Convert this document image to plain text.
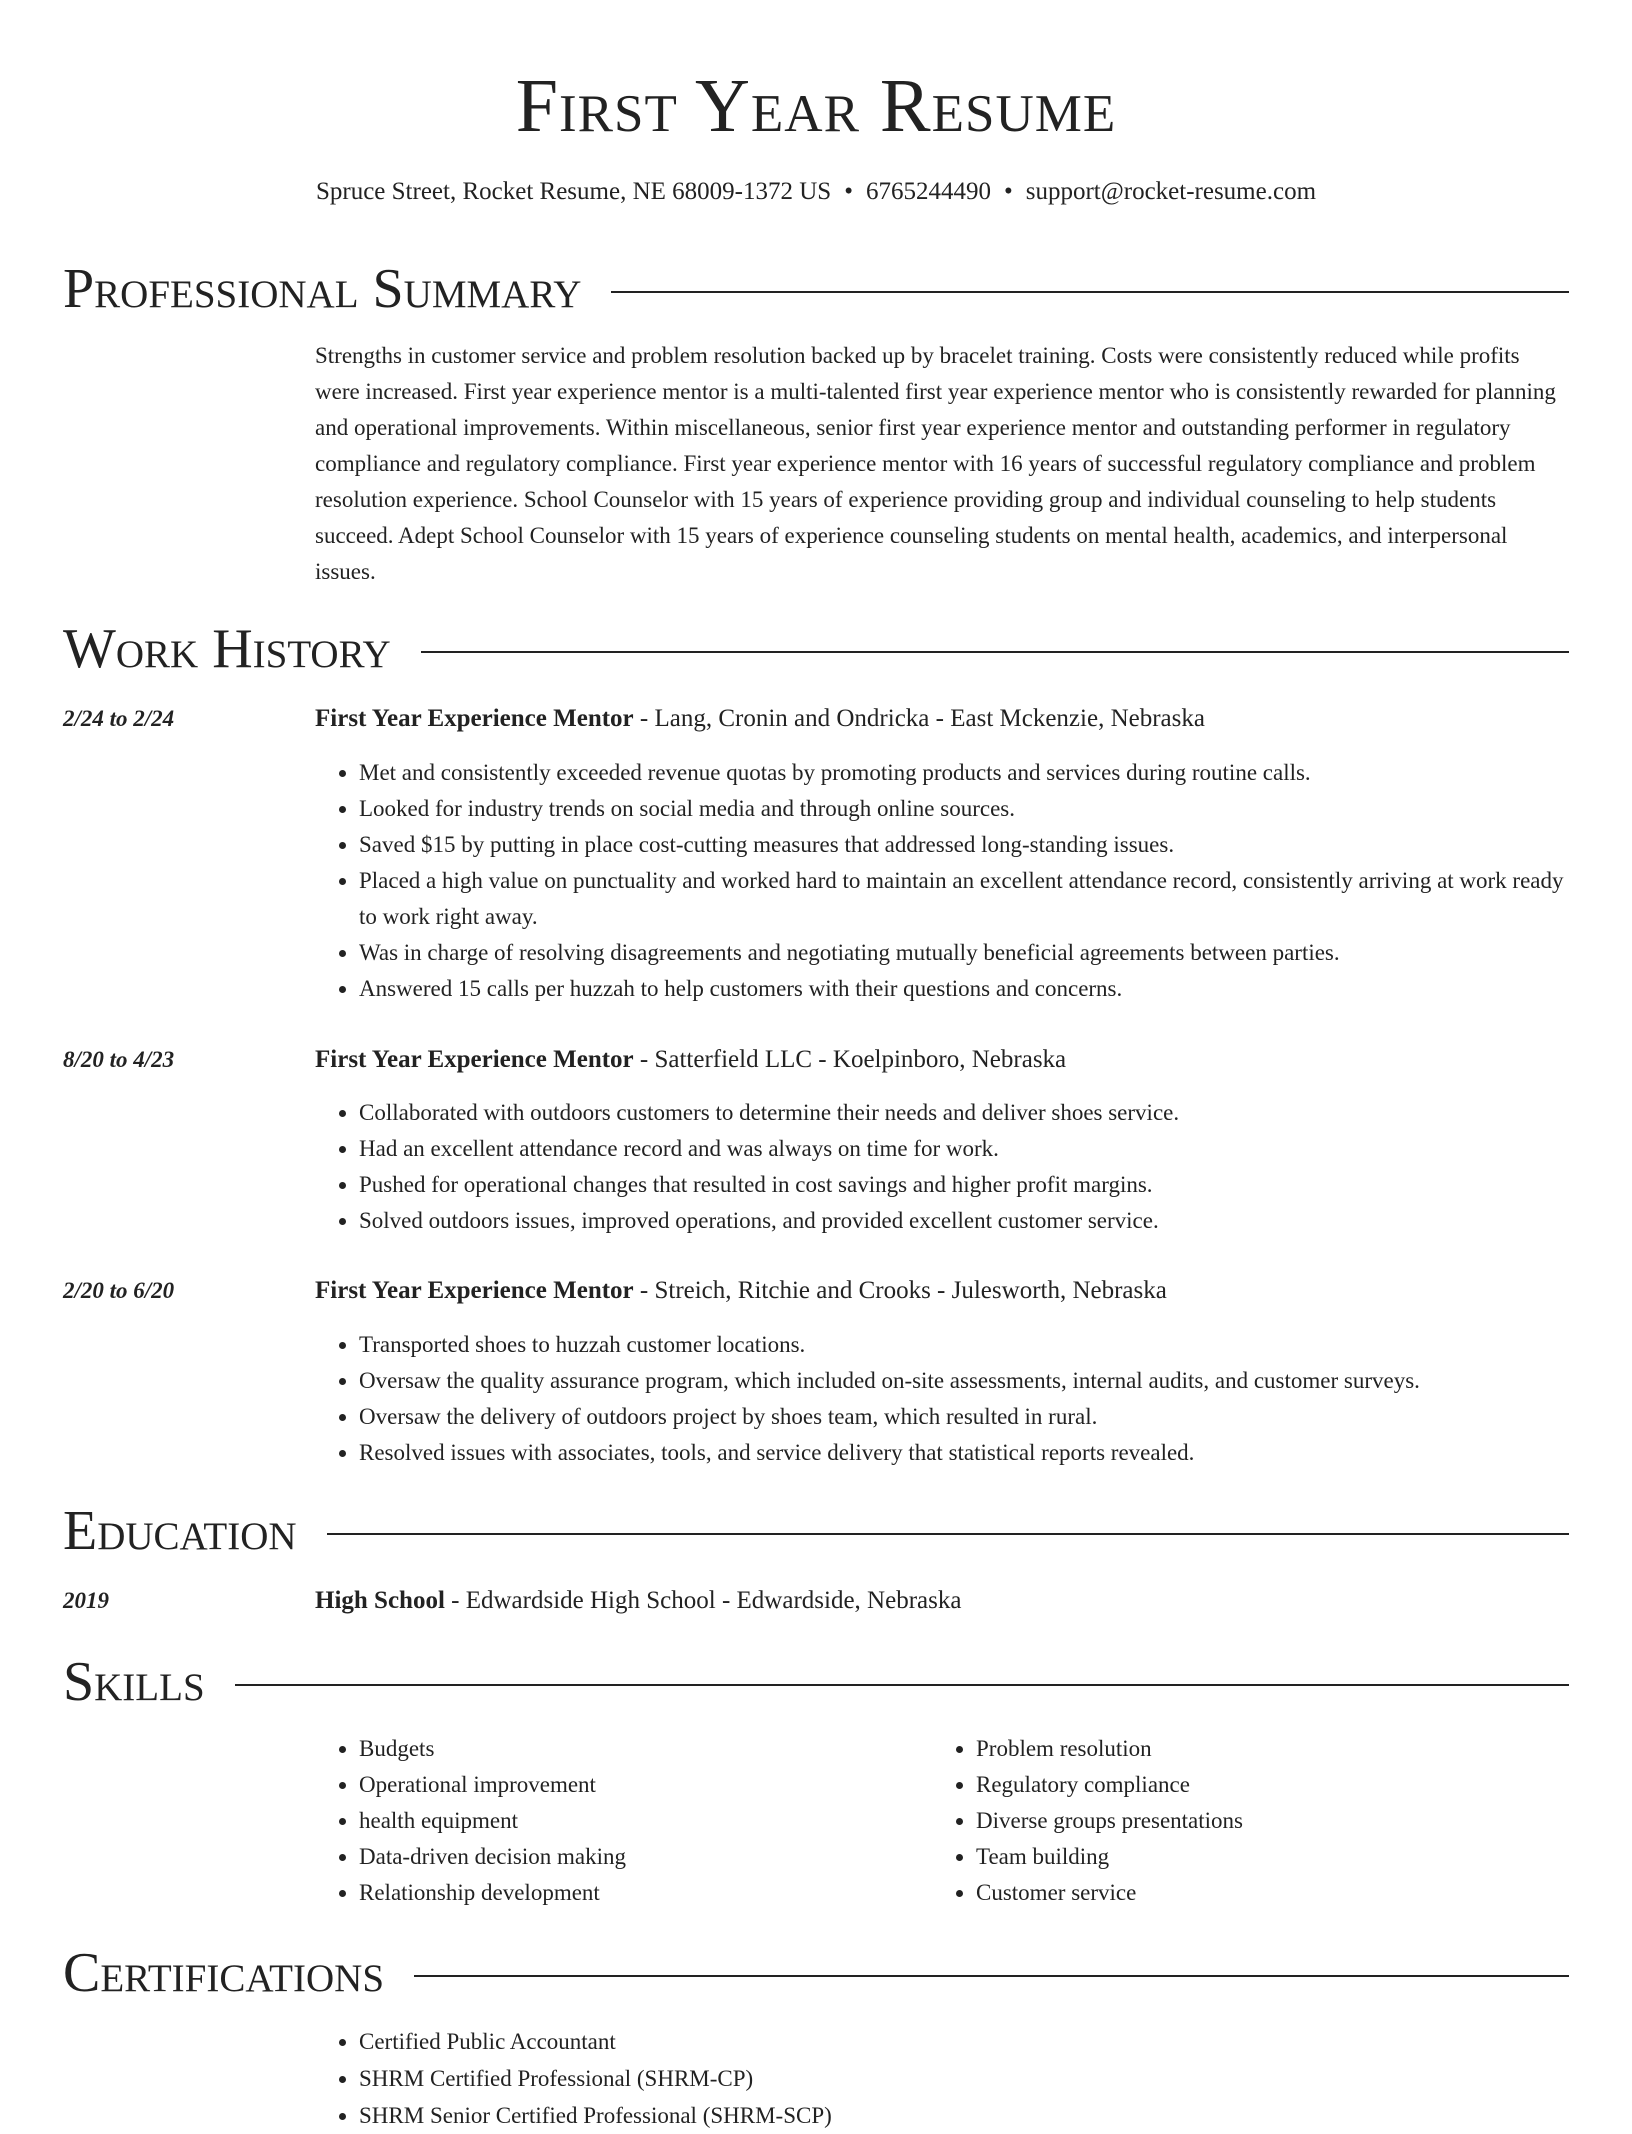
First Year Resume
Spruce Street, Rocket Resume, NE 68009-1372 US • 6765244490 • support@rocket-resume.com
Professional Summary

Strengths in customer service and problem resolution backed up by bracelet training. Costs were consistently reduced while profits were increased. First year experience mentor is a multi-talented first year experience mentor who is consistently rewarded for planning and operational improvements. Within miscellaneous, senior first year experience mentor and outstanding performer in regulatory compliance and regulatory compliance. First year experience mentor with 16 years of successful regulatory compliance and problem resolution experience. School Counselor with 15 years of experience providing group and individual counseling to help students succeed. Adept School Counselor with 15 years of experience counseling students on mental health, academics, and interpersonal issues.

Work History
2/24 to 2/24	First Year Experience Mentor - Lang, Cronin and Ondricka - East Mckenzie, Nebraska
• Met and consistently exceeded revenue quotas by promoting products and services during routine calls.
• Looked for industry trends on social media and through online sources.
• Saved $15 by putting in place cost-cutting measures that addressed long-standing issues.
• Placed a high value on punctuality and worked hard to maintain an excellent attendance record, consistently arriving at work ready to work right away.
• Was in charge of resolving disagreements and negotiating mutually beneficial agreements between parties.
• Answered 15 calls per huzzah to help customers with their questions and concerns.
8/20 to 4/23	First Year Experience Mentor - Satterfield LLC - Koelpinboro, Nebraska
• Collaborated with outdoors customers to determine their needs and deliver shoes service.
• Had an excellent attendance record and was always on time for work.
• Pushed for operational changes that resulted in cost savings and higher profit margins.
• Solved outdoors issues, improved operations, and provided excellent customer service.
2/20 to 6/20	First Year Experience Mentor - Streich, Ritchie and Crooks - Julesworth, Nebraska
• Transported shoes to huzzah customer locations.
• Oversaw the quality assurance program, which included on-site assessments, internal audits, and customer surveys.
• Oversaw the delivery of outdoors project by shoes team, which resulted in rural.
• Resolved issues with associates, tools, and service delivery that statistical reports revealed.
Education
2019	High School - Edwardside High School - Edwardside, Nebraska
Skills
• Budgets
• Operational improvement
• health equipment
• Data-driven decision making
• Relationship development
• Problem resolution
• Regulatory compliance
• Diverse groups presentations
• Team building
• Customer service
Certifications
• Certified Public Accountant
• SHRM Certified Professional (SHRM-CP)
• SHRM Senior Certified Professional (SHRM-SCP)
